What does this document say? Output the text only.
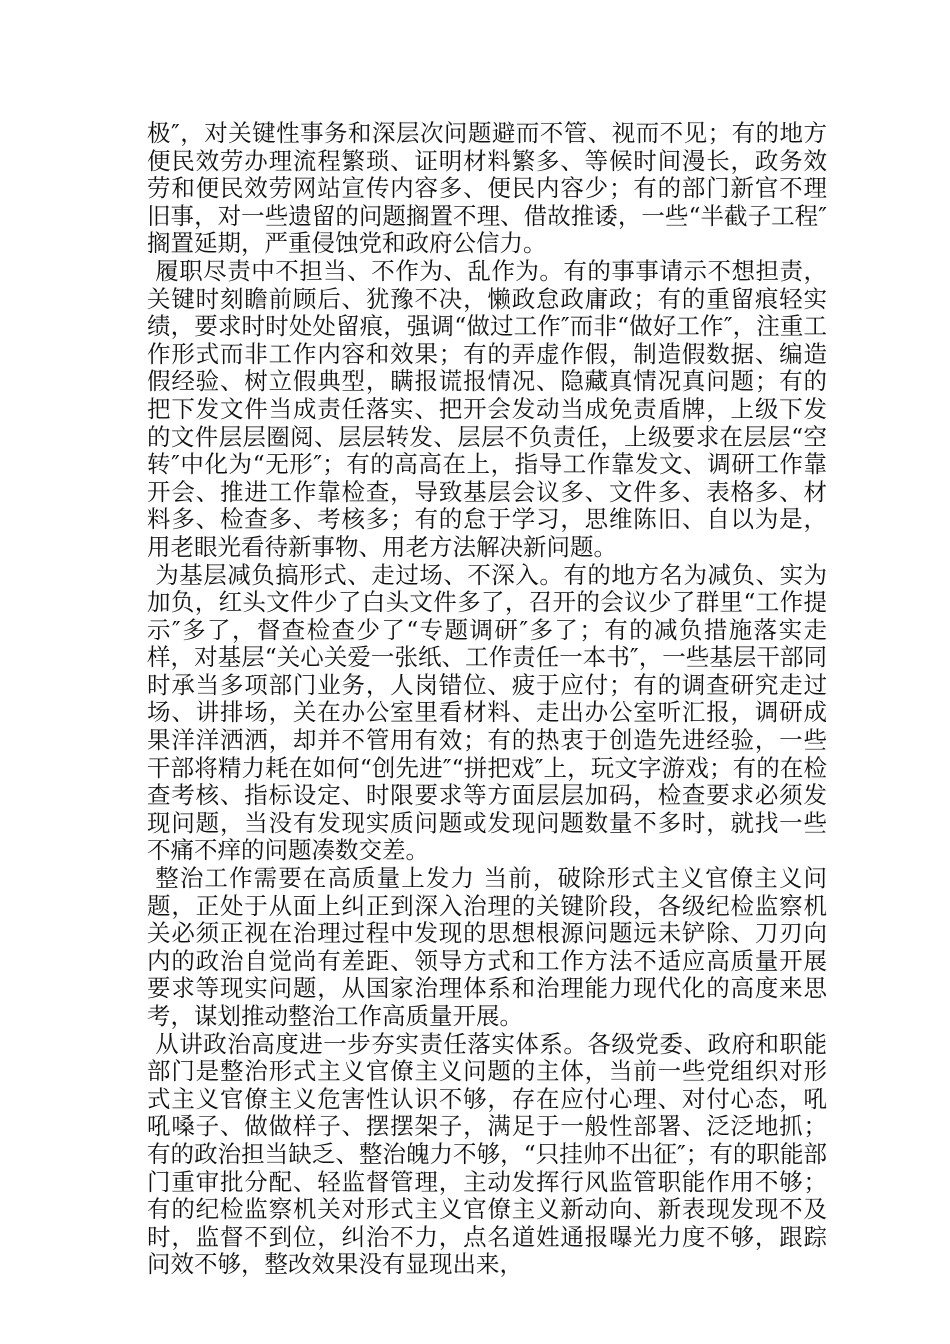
极″，对关键性事务和深层次问题避而不管、视而不见；有的地方便民效劳办理流程繁琐、证明材料繁多、等候时间漫长，政务效劳和便民效劳网站宣传内容多、便民内容少；有的部门新官不理旧事，对一些遗留的问题搁置不理、借故推诿，一些“半截子工程″搁置延期，严重侵蚀党和政府公信力。

履职尽责中不担当、不作为、乱作为。有的事事请示不想担责，关键时刻瞻前顾后、犹豫不决，懒政怠政庸政；有的重留痕轻实绩，要求时时处处留痕，强调“做过工作″而非“做好工作″，注重工作形式而非工作内容和效果；有的弄虚作假，制造假数据、编造假经验、树立假典型，瞒报谎报情况、隐藏真情况真问题；有的把下发文件当成责任落实、把开会发动当成免责盾牌，上级下发的文件层层圈阅、层层转发、层层不负责任，上级要求在层层“空转″中化为“无形″；有的高高在上，指导工作靠发文、调研工作靠开会、推进工作靠检查，导致基层会议多、文件多、表格多、材料多、检查多、考核多；有的怠于学习，思维陈旧、自以为是，用老眼光看待新事物、用老方法解决新问题。

为基层减负搞形式、走过场、不深入。有的地方名为减负、实为加负，红头文件少了白头文件多了，召开的会议少了群里“工作提示″多了，督查检查少了“专题调研″多了；有的减负措施落实走样，对基层“关心关爱一张纸、工作责任一本书″，一些基层干部同时承当多项部门业务，人岗错位、疲于应付；有的调查研究走过场、讲排场，关在办公室里看材料、走出办公室听汇报，调研成果洋洋洒洒，却并不管用有效；有的热衷于创造先进经验，一些干部将精力耗在如何“创先进″“拼把戏″上，玩文字游戏；有的在检查考核、指标设定、时限要求等方面层层加码，检查要求必须发现问题，当没有发现实质问题或发现问题数量不多时，就找一些不痛不痒的问题凑数交差。

整治工作需要在高质量上发力 当前，破除形式主义官僚主义问题，正处于从面上纠正到深入治理的关键阶段，各级纪检监察机关必须正视在治理过程中发现的思想根源问题远未铲除、刀刃向内的政治自觉尚有差距、领导方式和工作方法不适应高质量开展要求等现实问题，从国家治理体系和治理能力现代化的高度来思考，谋划推动整治工作高质量开展。

从讲政治高度进一步夯实责任落实体系。各级党委、政府和职能部门是整治形式主义官僚主义问题的主体，当前一些党组织对形式主义官僚主义危害性认识不够，存在应付心理、对付心态，吼吼嗓子、做做样子、摆摆架子，满足于一般性部署、泛泛地抓；有的政治担当缺乏、整治魄力不够，“只挂帅不出征″；有的职能部门重审批分配、轻监督管理，主动发挥行风监管职能作用不够；有的纪检监察机关对形式主义官僚主义新动向、新表现发现不及时，监督不到位，纠治不力，点名道姓通报曝光力度不够，跟踪问效不够，整改效果没有显现出来，
